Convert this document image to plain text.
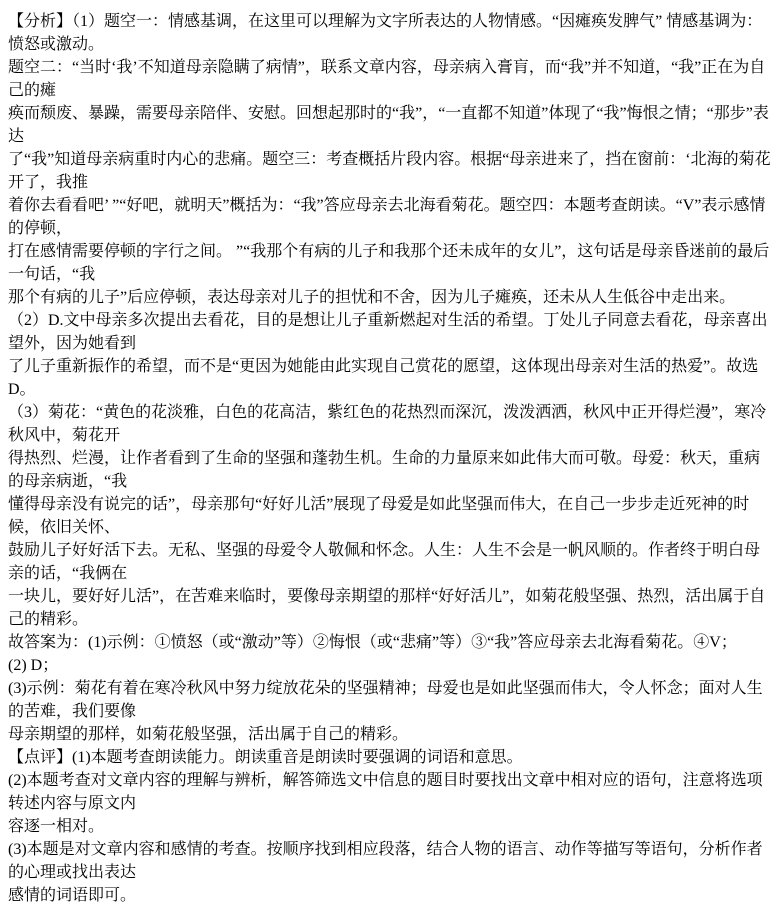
【分析】（1）题空一：情感基调，在这里可以理解为文字所表达的人物情感。“因瘫痪发脾气” 情感基调为：愤怒或激动。
题空二：“当时‘我’不知道母亲隐瞒了病情”，联系文章内容，母亲病入膏肓，而“我”并不知道，“我”正在为自己的瘫
痪而颓废、暴躁，需要母亲陪伴、安慰。回想起那时的“我”，“一直都不知道”体现了“我”悔恨之情；“那步”表达
了“我”知道母亲病重时内心的悲痛。题空三：考查概括片段内容。根据“母亲进来了，挡在窗前：‘北海的菊花开了，我推
着你去看看吧’ ”“好吧，就明天”概括为：“我”答应母亲去北海看菊花。题空四：本题考查朗读。“V”表示感情的停顿，
打在感情需要停顿的字行之间。 ”“我那个有病的儿子和我那个还未成年的女儿”，这句话是母亲昏迷前的最后一句话，“我
那个有病的儿子”后应停顿，表达母亲对儿子的担忧和不舍，因为儿子瘫痪，还未从人生低谷中走出来。
（2）D.文中母亲多次提出去看花，目的是想让儿子重新燃起对生活的希望。丁处儿子同意去看花，母亲喜出望外，因为她看到
了儿子重新振作的希望，而不是“更因为她能由此实现自己赏花的愿望，这体现出母亲对生活的热爱”。故选D。
（3）菊花：“黄色的花淡雅，白色的花高洁，紫红色的花热烈而深沉，泼泼洒洒，秋风中正开得烂漫”，寒冷秋风中，菊花开
得热烈、烂漫，让作者看到了生命的坚强和蓬勃生机。生命的力量原来如此伟大而可敬。母爱：秋天，重病的母亲病逝，“我
懂得母亲没有说完的话”，母亲那句“好好儿活”展现了母爱是如此坚强而伟大，在自己一步步走近死神的时候，依旧关怀、
鼓励儿子好好活下去。无私、坚强的母爱令人敬佩和怀念。人生：人生不会是一帆风顺的。作者终于明白母亲的话，“我俩在
一块儿，要好好儿活”，在苦难来临时，要像母亲期望的那样“好好活儿”，如菊花般坚强、热烈，活出属于自己的精彩。
故答案为：(1)示例：①愤怒（或“激动”等）②悔恨（或“悲痛”等）③“我”答应母亲去北海看菊花。④V；
(2) D；
(3)示例：菊花有着在寒冷秋风中努力绽放花朵的坚强精神；母爱也是如此坚强而伟大，令人怀念；面对人生的苦难，我们要像
母亲期望的那样，如菊花般坚强，活出属于自己的精彩。
【点评】(1)本题考查朗读能力。朗读重音是朗读时要强调的词语和意思。
(2)本题考查对文章内容的理解与辨析，解答筛选文中信息的题目时要找出文章中相对应的语句，注意将选项转述内容与原文内
容逐一相对。
(3)本题是对文章内容和感情的考查。按顺序找到相应段落，结合人物的语言、动作等描写等语句，分析作者的心理或找出表达
感情的词语即可。
